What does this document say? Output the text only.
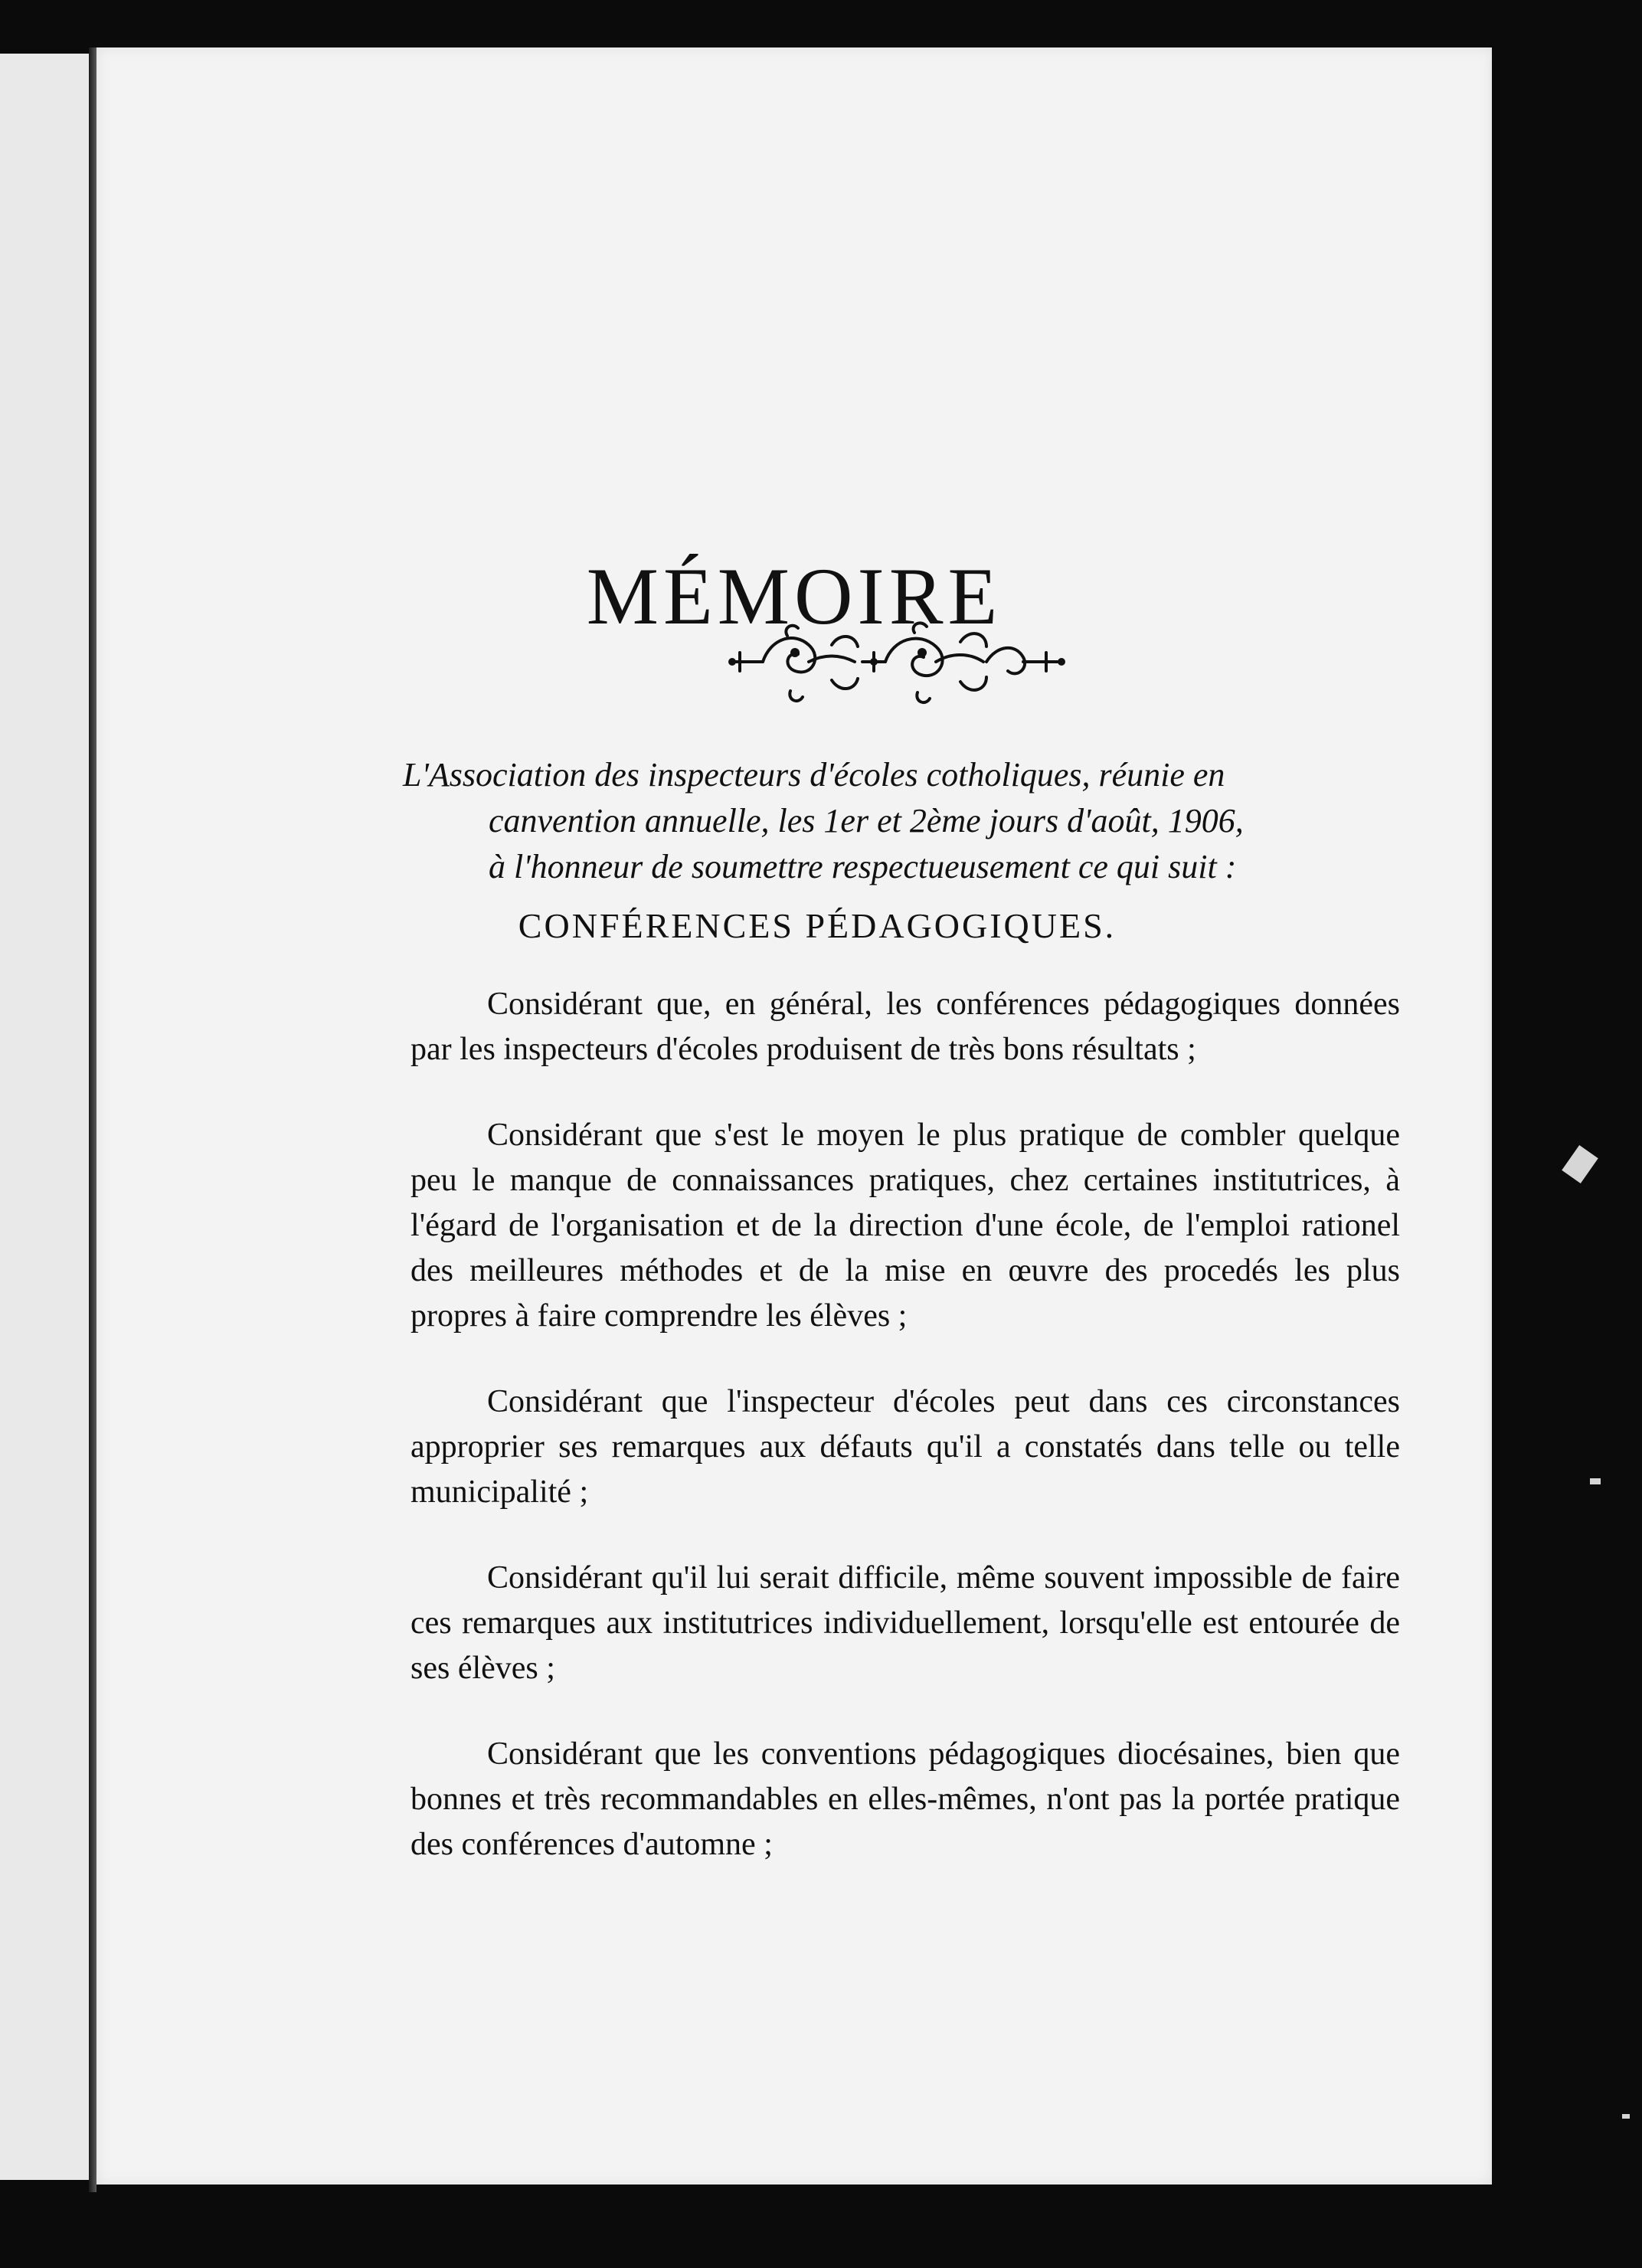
MÉMOIRE

L'Association des inspecteurs d'écoles cotholiques, réunie en

canvention annuelle, les 1er et 2ème jours d'août, 1906,

à l'honneur de soumettre respectueusement ce qui suit :

CONFÉRENCES PÉDAGOGIQUES.

Considérant que, en général, les conférences pédagogiques données par les inspecteurs d'écoles produisent de très bons résultats ;

Considérant que s'est le moyen le plus pratique de combler quelque peu le manque de connaissances pratiques, chez certaines institutrices, à l'égard de l'organisation et de la direction d'une école, de l'emploi rationel des meilleures méthodes et de la mise en œuvre des procedés les plus propres à faire comprendre les élèves ;

Considérant que l'inspecteur d'écoles peut dans ces circonstances approprier ses remarques aux défauts qu'il a constatés dans telle ou telle municipalité ;

Considérant qu'il lui serait difficile, même souvent impossible de faire ces remarques aux institutrices individuellement, lorsqu'elle est entourée de ses élèves ;

Considérant que les conventions pédagogiques diocésaines, bien que bonnes et très recommandables en elles-mêmes, n'ont pas la portée pratique des conférences d'automne ;
